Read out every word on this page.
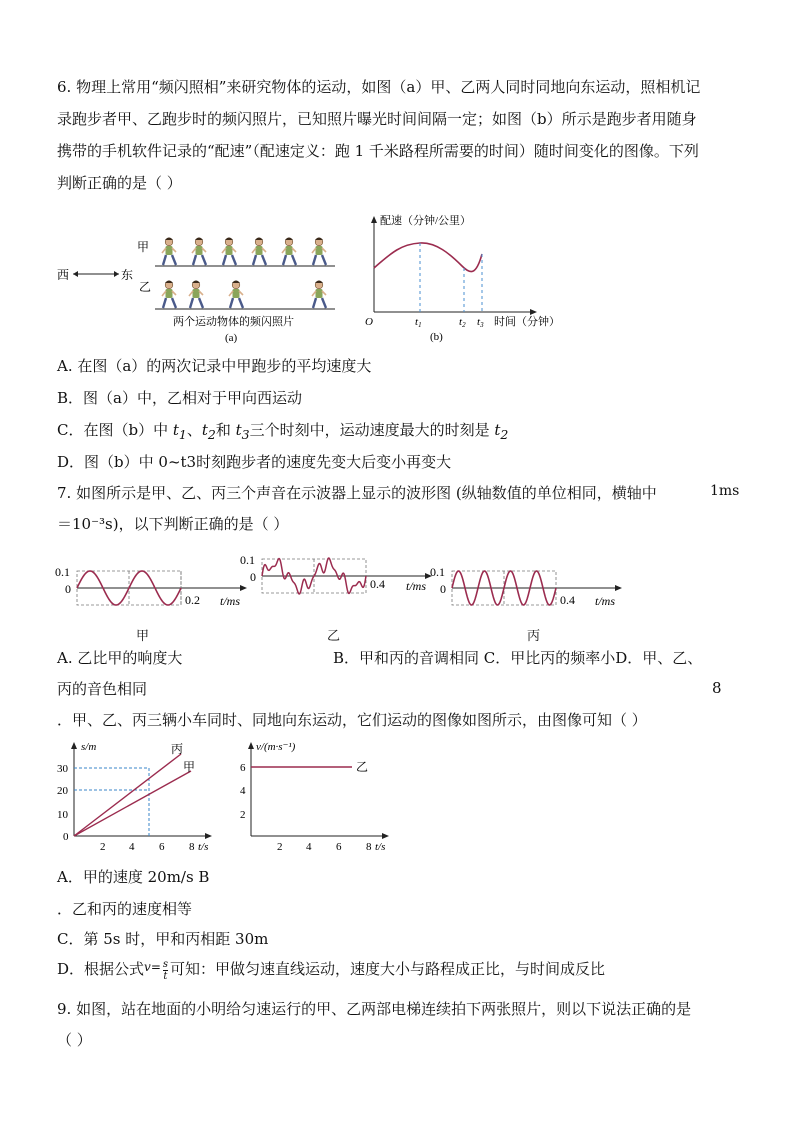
6. 物理上常用“频闪照相”来研究物体的运动，如图（a）甲、乙两人同时同地向东运动，照相机记
录跑步者甲、乙跑步时的频闪照片，已知照片曝光时间间隔一定；如图（b）所示是跑步者用随身
携带的手机软件记录的“配速”（配速定义：跑 1 千米路程所需要的时间）随时间变化的图像。下列
判断正确的是（ ）
甲
西	东
乙
两个运动物体的频闪照片
(a)
配速（分钟/公里）
O	t1	t2 t3 时间（分钟）
(b)
A. 在图（a）的两次记录中甲跑步的平均速度大
B．图（a）中，乙相对于甲向西运动
C．在图（b）中 $t_1$、$t_2$和 $t_3$三个时刻中，运动速度最大的时刻是 $t_2$
D．图（b）中 0~t3时刻跑步者的速度先变大后变小再变大
7. 如图所示是甲、乙、丙三个声音在示波器上显示的波形图 (纵轴数值的单位相同，横轴中	1ms
＝10⁻³s)，以下判断正确的是（ ）
0.1
0
0.2 t/ms
0.1
0	0.4 t/ms
0.1
0
0.4 t/ms
甲	乙	丙
A. 乙比甲的响度大	B．甲和丙的音调相同 C．甲比丙的频率小D．甲、乙、
丙的音色相同	8
．甲、乙、丙三辆小车同时、同地向东运动，它们运动的图像如图所示，由图像可知（ ）
s/m	丙
甲
0
10
20
30
2 4 6 8 t/s
v/(m·s⁻¹)
乙
6
4
2
2 4 6 8 t/s
A．甲的速度 20m/s B
．乙和丙的速度相等
C．第 5s 时，甲和丙相距 30m
D．根据公式$^{v=} \frac{s}{t}$ 可知：甲做匀速直线运动，速度大小与路程成正比，与时间成反比
9. 如图，站在地面的小明给匀速运行的甲、乙两部电梯连续拍下两张照片，则以下说法正确的是
（ ）
